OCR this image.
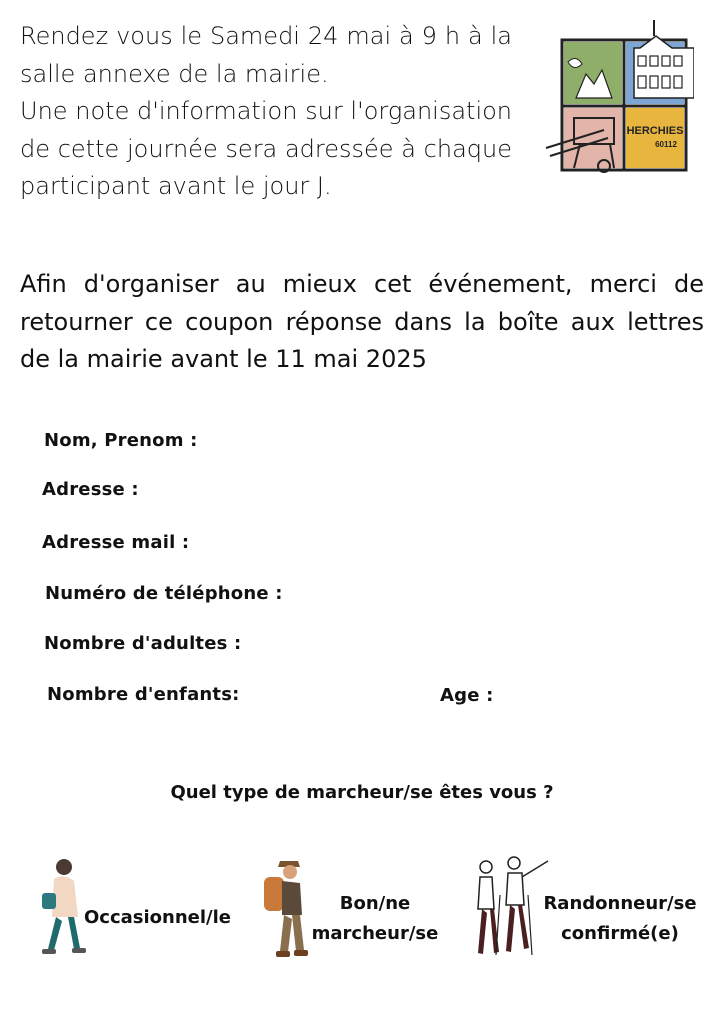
Rendez vous le Samedi 24 mai à 9 h à la salle annexe de la mairie.
Une note d'information sur l'organisation de cette journée sera adressée à chaque participant avant le jour J.

HERCHIES
60112

Afin d'organiser au mieux cet événement, merci de retourner ce coupon réponse dans la boîte aux lettres de la mairie avant le 11 mai 2025

Nom, Prenom :
Adresse :
Adresse mail :
Numéro de téléphone :
Nombre d'adultes :
Nombre d'enfants:	Age :
Quel type de marcheur/se êtes vous ?
Occasionnel/le
Bon/ne
marcheur/se
Randonneur/se
confirmé(e)
